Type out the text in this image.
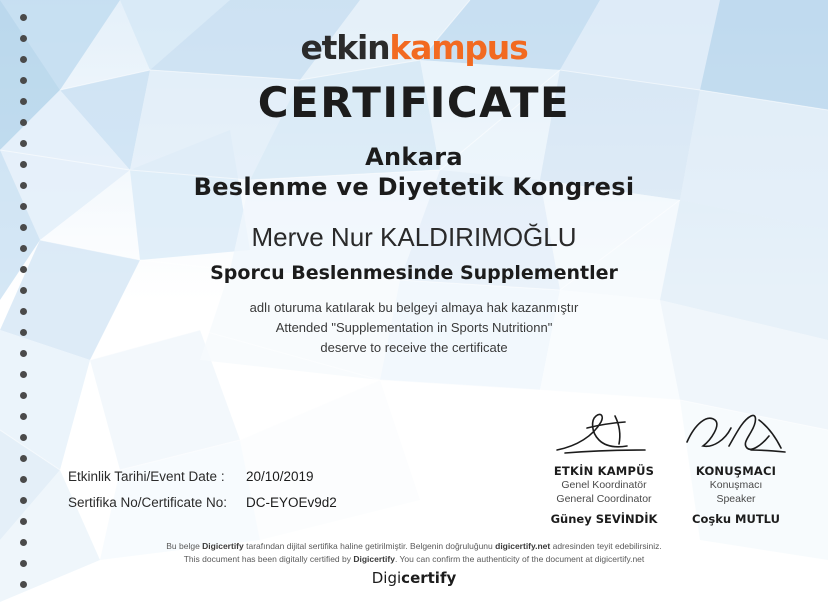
etkinkampus
CERTIFICATE
Ankara
Beslenme ve Diyetetik Kongresi
Merve Nur KALDIRIMOĞLU
Sporcu Beslenmesinde Supplementler
adlı oturuma katılarak bu belgeyi almaya hak kazanmıştır
Attended "Supplementation in Sports Nutritionn"
deserve to receive the certificate
Etkinlik Tarihi/Event Date :	20/10/2019
Sertifika No/Certificate No:	DC-EYOEv9d2
ETKİN KAMPÜS
Genel Koordinatör
General Coordinator
Güney SEVİNDİK
KONUŞMACI
Konuşmacı
Speaker
Coşku MUTLU
Bu belge Digicertify tarafından dijital sertifika haline getirilmiştir. Belgenin doğruluğunu digicertify.net adresinden teyit edebilirsiniz.
This document has been digitally certified by Digicertify. You can confirm the authenticity of the document at digicertify.net
Digicertify
